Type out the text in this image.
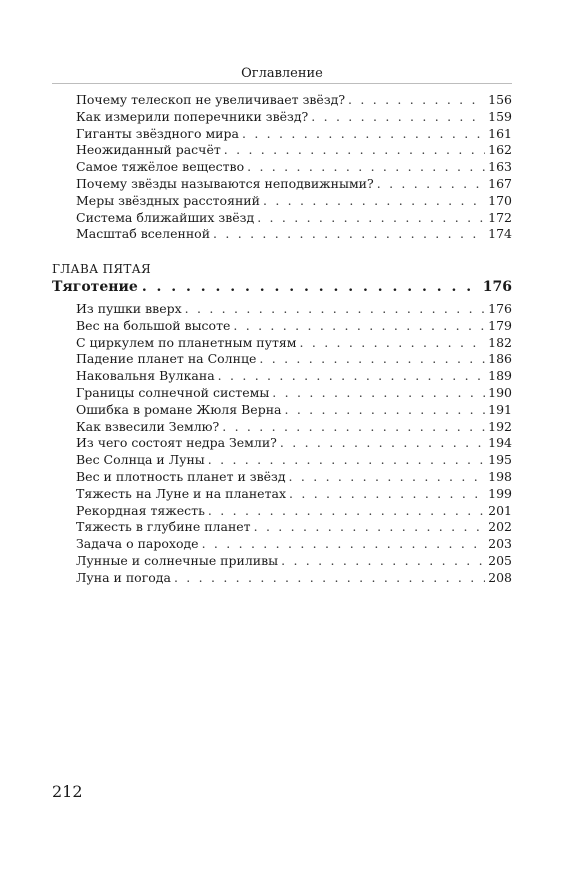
Оглавление
Почему телескоп не увеличивает звёзд? . . .	156
Как измерили поперечники звёзд? . . .	159
Гиганты звёздного мира . . .	161
Неожиданный расчёт . . .	162
Самое тяжёлое вещество . . .	163
Почему звёзды называются неподвижными? . . .	167
Меры звёздных расстояний . . .	170
Система ближайших звёзд . . .	172
Масштаб вселенной . . .	174
ГЛАВА ПЯТАЯ
Тяготение . . .	176
Из пушки вверх . . .	176
Вес на большой высоте . . .	179
С циркулем по планетным путям . . .	182
Падение планет на Солнце . . .	186
Наковальня Вулкана . . .	189
Границы солнечной системы . . .	190
Ошибка в романе Жюля Верна . . .	191
Как взвесили Землю? . . .	192
Из чего состоят недра Земли? . . .	194
Вес Солнца и Луны . . .	195
Вес и плотность планет и звёзд . . .	198
Тяжесть на Луне и на планетах . . .	199
Рекордная тяжесть . . .	201
Тяжесть в глубине планет . . .	202
Задача о пароходе . . .	203
Лунные и солнечные приливы . . .	205
Луна и погода . . .	208
212
